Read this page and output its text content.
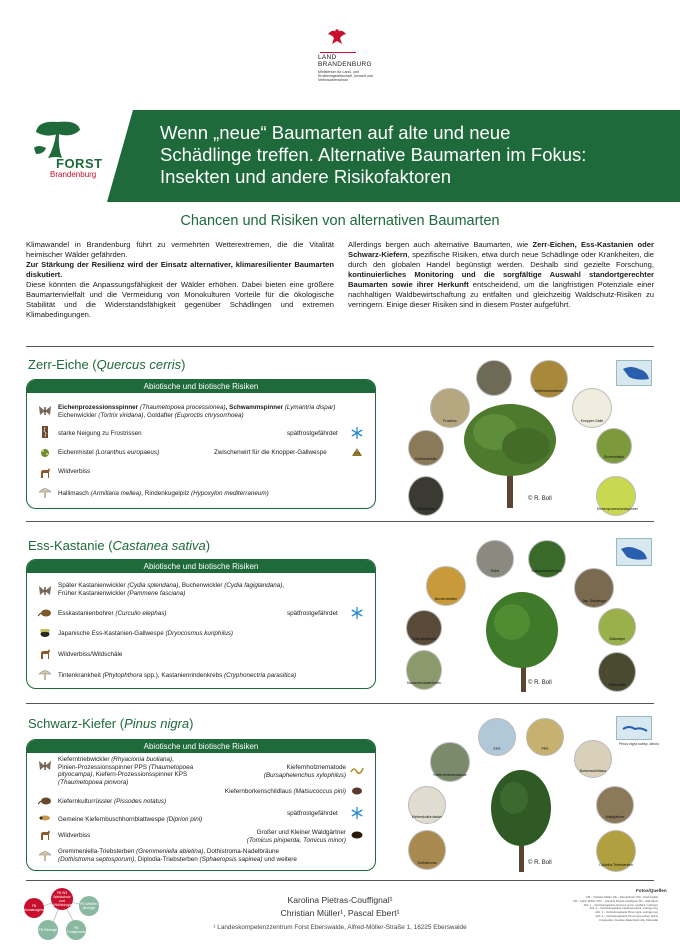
LAND
BRANDENBURG
Ministerium für Land- und Ernährungswirtschaft, Umwelt und Verbraucherschutz
FORST
Brandenburg
Wenn „neue“ Baumarten auf alte und neue
Schädlinge treffen. Alternative Baumarten im Fokus:
Insekten und andere Risikofaktoren
Chancen und Risiken von alternativen Baumarten

Klimawandel in Brandenburg führt zu vermehrten Wetterextremen, die die Vitalität heimischer Wälder gefährden.

Zur Stärkung der Resilienz wird der Einsatz alternativer, klimaresilienter Baumarten diskutiert.

Diese könnten die Anpassungsfähigkeit der Wälder erhöhen. Dabei bieten eine größere Baumartenvielfalt und die Vermeidung von Monokulturen Vorteile für die ökologische Stabilität und die Widerstandsfähigkeit gegenüber Schädlingen und extremen Klimabedingungen.

Allerdings bergen auch alternative Baumarten, wie Zerr-Eichen, Ess-Kastanien oder Schwarz-Kiefern, spezifische Risiken, etwa durch neue Schädlinge oder Krankheiten, die durch den globalen Handel begünstigt werden. Deshalb sind gezielte Forschung, kontinuierliches Monitoring und die sorgfältige Auswahl standortgerechter Baumarten sowie ihrer Herkunft entscheidend, um die langfristigen Potenziale einer nachhaltigen Waldbewirtschaftung zu entfalten und gleichzeitig Waldschutz-Risiken zu verringern. Einige dieser Risiken sind in diesem Poster aufgeführt.
Zerr-Eiche (Quercus cerris)
Abiotische und biotische Risiken
Eichenprozessionsspinner (Thaumetopoea processionea), Schwammspinner (Lymantria dispar)
Eichenwickler (Tortrix viridana), Goldafter (Euproctis chrysorrhoea)
starke Neigung zu Frostrissen	spätfrostgefährdet
Eichenmistel (Loranthus europaeus)	Zwischenwirt für die Knopper-Gallwespe
Wildverbiss
Hallimasch (Armillaria mellea), Rindenkugelpilz (Hypoxylon mediterraneum)
Frostriss
Kiefernschwärmer
Knopper-Galle
Eichenmistel
Eichenprozessionsspinner
Eichenwickler
Wildverbiss
© R. Boll
Ess-Kastanie (Castanea sativa)
Abiotische und biotische Risiken
Später Kastanienwickler (Cydia splendana), Buchenwickler (Cydia fagiglandana),
Früher Kastanienwickler (Pammene fasciana)
Esskastanienbohrer (Curculio elephas)	spätfrostgefährdet
Japanische Ess-Kastanien-Gallwespe (Dryocosmus kuriphilus)
Wildverbiss/Wildschäle
Tintenkrankheit (Phytophthora spp.), Kastanienrindenkrebs (Cryphonectria parasitica)
Eiche	Esskastanienbohrer
Buchenwickler	Jap. Gallwespe
Tintenkrankheit	Gallwespe
Kastanienrindenkrebs	Wildschäle
© R. Boll
Schwarz-Kiefer (Pinus nigra)
Abiotische und biotische Risiken
Kieferntriebwickler (Rhyacionia buoliana),
Pinien-Prozessionsspinner PPS (Thaumetopoea
pityocampa), Kiefern-Prozessionsspinner KPS
(Thaumetopoea pinivora)
Kiefernholznematode
(Bursaphelenchus xylophilus)
Kiefernborkenschildlaus (Matsucoccus pini)
Kiefernkulturrüssler (Pissodes notatus)
spätfrostgefährdet
Gemeine Kiefernbuschhornblattwespe (Diprion pini)
Wildverbiss	Großer und Kleiner Waldgärtner
(Tomicus piniperda, Tomicus minor)
Gremmeniella-Triebsterben (Gremmeniella abietina), Dothistroma-Nadelbräune
(Dothistroma septosporum), Diplodia-Triebsterben (Sphaeropsis sapinea) und weitere
EPS	PPS
Kiefernholznematode
Borkenschildlaus
Kiefernkulturrüssler	Waldgärtner
Dothistroma	Diplodia-Triebsterben
Pinus nigra subsp. laricio
© R. Boll
FB W3 Waldschutz und Wildökologie
FB Risikomanagement
FB Wildtier-ökologie
FB Ökologie	FB Forstgenetik
Karolina Pietras-Couffignal¹
Christian Müller¹, Pascal Ebert¹
¹ Landeskompetenzzentrum Forst Eberswalde, Alfred-Möller-Straße 1, 16225 Eberswalde
Fotos/Quellen
CM – Christian Müller; PE – Pascal Ebert; PM – Paul Kapfelt
KM – Katrin Möller; KPC – Karolina Pietras-Couffignal; RH – Ralf Hänel
Abb. 1 – Verbreitungskarte Quercus cerris, caudal.it / euforgen
Abb. 2 – Verbreitungskarte Castanea sativa, euforgen.org
Abb. 3 – Verbreitungskarte Pinus nigra, euforgen.org
Abb. 4 – Verbreitungskarte Pinus nigra subsp. laricio
Fotoquellen: Insekten-Datenbank LFE, iNaturalist
